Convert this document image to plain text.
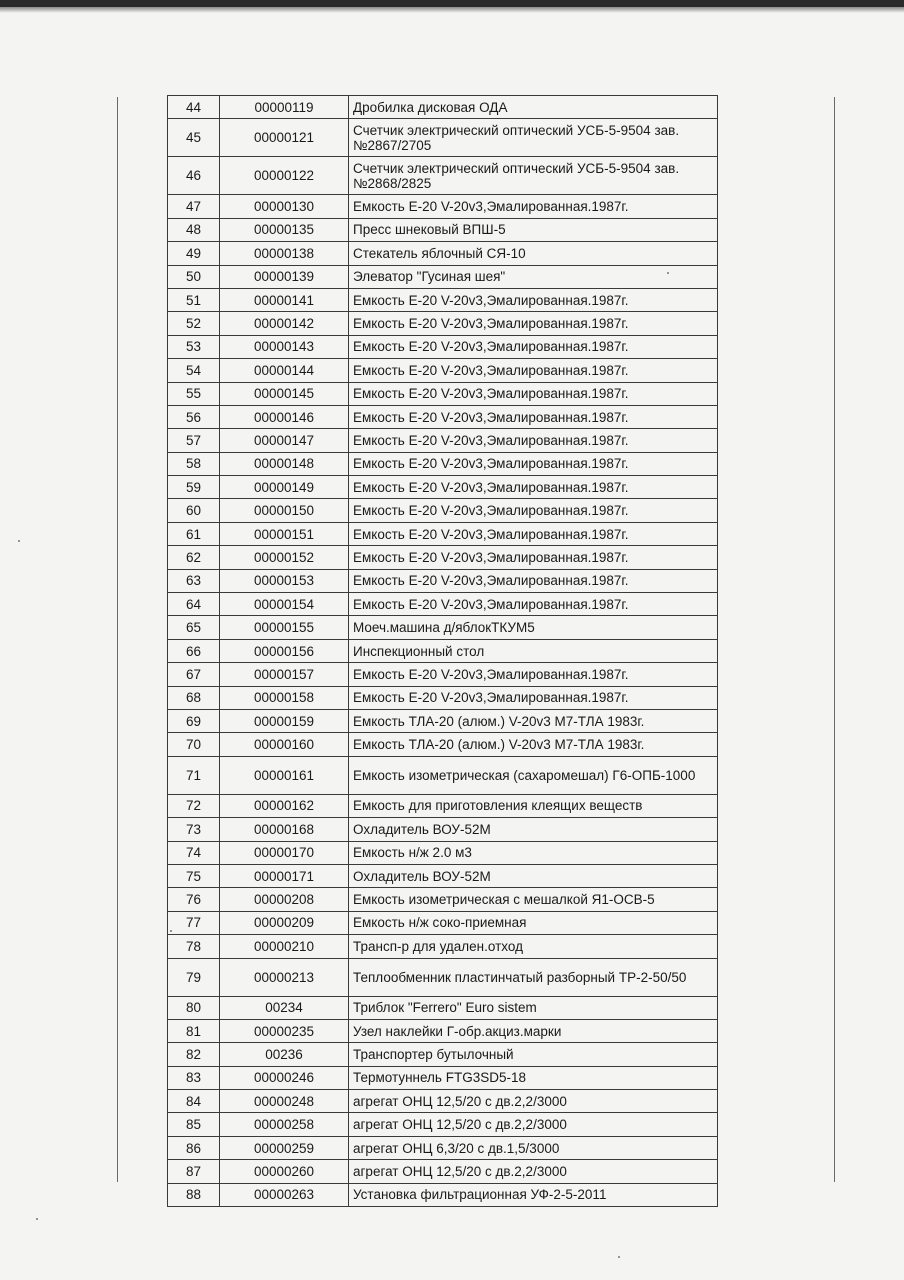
44	00000119	Дробилка дисковая ОДА
45	00000121	Счетчик электрический оптический УСБ-5-9504 зав.№2867/2705
46	00000122	Счетчик электрический оптический УСБ-5-9504 зав.№2868/2825
47	00000130	Емкость Е-20 V-20v3,Эмалированная.1987г.
48	00000135	Пресс шнековый ВПШ-5
49	00000138	Стекатель яблочный СЯ-10
50	00000139	Элеватор "Гусиная шея"
51	00000141	Емкость Е-20 V-20v3,Эмалированная.1987г.
52	00000142	Емкость Е-20 V-20v3,Эмалированная.1987г.
53	00000143	Емкость Е-20 V-20v3,Эмалированная.1987г.
54	00000144	Емкость Е-20 V-20v3,Эмалированная.1987г.
55	00000145	Емкость Е-20 V-20v3,Эмалированная.1987г.
56	00000146	Емкость Е-20 V-20v3,Эмалированная.1987г.
57	00000147	Емкость Е-20 V-20v3,Эмалированная.1987г.
58	00000148	Емкость Е-20 V-20v3,Эмалированная.1987г.
59	00000149	Емкость Е-20 V-20v3,Эмалированная.1987г.
60	00000150	Емкость Е-20 V-20v3,Эмалированная.1987г.
61	00000151	Емкость Е-20 V-20v3,Эмалированная.1987г.
62	00000152	Емкость Е-20 V-20v3,Эмалированная.1987г.
63	00000153	Емкость Е-20 V-20v3,Эмалированная.1987г.
64	00000154	Емкость Е-20 V-20v3,Эмалированная.1987г.
65	00000155	Моеч.машина д/яблокТКУМ5
66	00000156	Инспекционный стол
67	00000157	Емкость Е-20 V-20v3,Эмалированная.1987г.
68	00000158	Емкость Е-20 V-20v3,Эмалированная.1987г.
69	00000159	Емкость ТЛА-20 (алюм.) V-20v3 М7-ТЛА 1983г.
70	00000160	Емкость ТЛА-20 (алюм.) V-20v3 М7-ТЛА 1983г.
71	00000161	Емкость изометрическая (сахаромешал) Г6-ОПБ-1000
72	00000162	Емкость для приготовления клеящих веществ
73	00000168	Охладитель ВОУ-52М
74	00000170	Емкость н/ж 2.0 м3
75	00000171	Охладитель ВОУ-52М
76	00000208	Емкость изометрическая с мешалкой Я1-ОСВ-5
77	00000209	Емкость н/ж соко-приемная
78	00000210	Трансп-р для удален.отход
79	00000213	Теплообменник пластинчатый разборный ТР-2-50/50
80	00234	Триблок "Ferrero" Euro sistem
81	00000235	Узел наклейки Г-обр.акциз.марки
82	00236	Транспортер бутылочный
83	00000246	Термотуннель FTG3SD5-18
84	00000248	агрегат ОНЦ 12,5/20 с дв.2,2/3000
85	00000258	агрегат ОНЦ 12,5/20 с дв.2,2/3000
86	00000259	агрегат ОНЦ 6,3/20 с дв.1,5/3000
87	00000260	агрегат ОНЦ 12,5/20 с дв.2,2/3000
88	00000263	Установка фильтрационная УФ-2-5-2011
